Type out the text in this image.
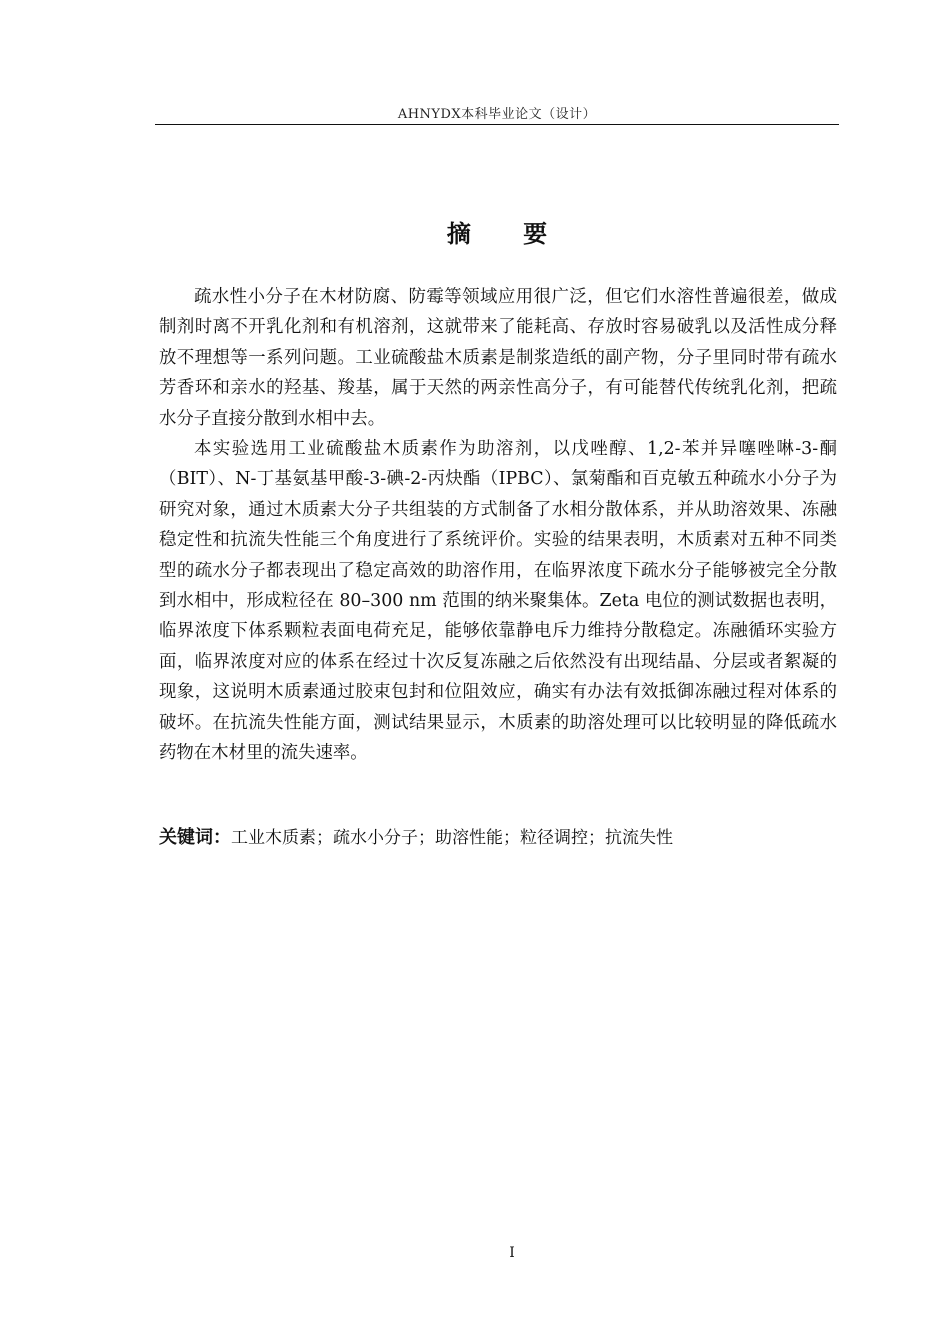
AHNYDX本科毕业论文（设计）
摘 要

疏水性小分子在木材防腐、防霉等领域应用很广泛，但它们水溶性普遍很差，做成制剂时离不开乳化剂和有机溶剂，这就带来了能耗高、存放时容易破乳以及活性成分释放不理想等一系列问题。工业硫酸盐木质素是制浆造纸的副产物，分子里同时带有疏水芳香环和亲水的羟基、羧基，属于天然的两亲性高分子，有可能替代传统乳化剂，把疏水分子直接分散到水相中去。

本实验选用工业硫酸盐木质素作为助溶剂，以戊唑醇、1,2-苯并异噻唑啉-3-酮（BIT）、N-丁基氨基甲酸-3-碘-2-丙炔酯（IPBC）、氯菊酯和百克敏五种疏水小分子为研究对象，通过木质素大分子共组装的方式制备了水相分散体系，并从助溶效果、冻融稳定性和抗流失性能三个角度进行了系统评价。实验的结果表明，木质素对五种不同类型的疏水分子都表现出了稳定高效的助溶作用，在临界浓度下疏水分子能够被完全分散到水相中，形成粒径在 80–300 nm 范围的纳米聚集体。Zeta 电位的测试数据也表明，临界浓度下体系颗粒表面电荷充足，能够依靠静电斥力维持分散稳定。冻融循环实验方面，临界浓度对应的体系在经过十次反复冻融之后依然没有出现结晶、分层或者絮凝的现象，这说明木质素通过胶束包封和位阻效应，确实有办法有效抵御冻融过程对体系的破坏。在抗流失性能方面，测试结果显示，木质素的助溶处理可以比较明显的降低疏水药物在木材里的流失速率。

关键词：工业木质素；疏水小分子；助溶性能；粒径调控；抗流失性
I
